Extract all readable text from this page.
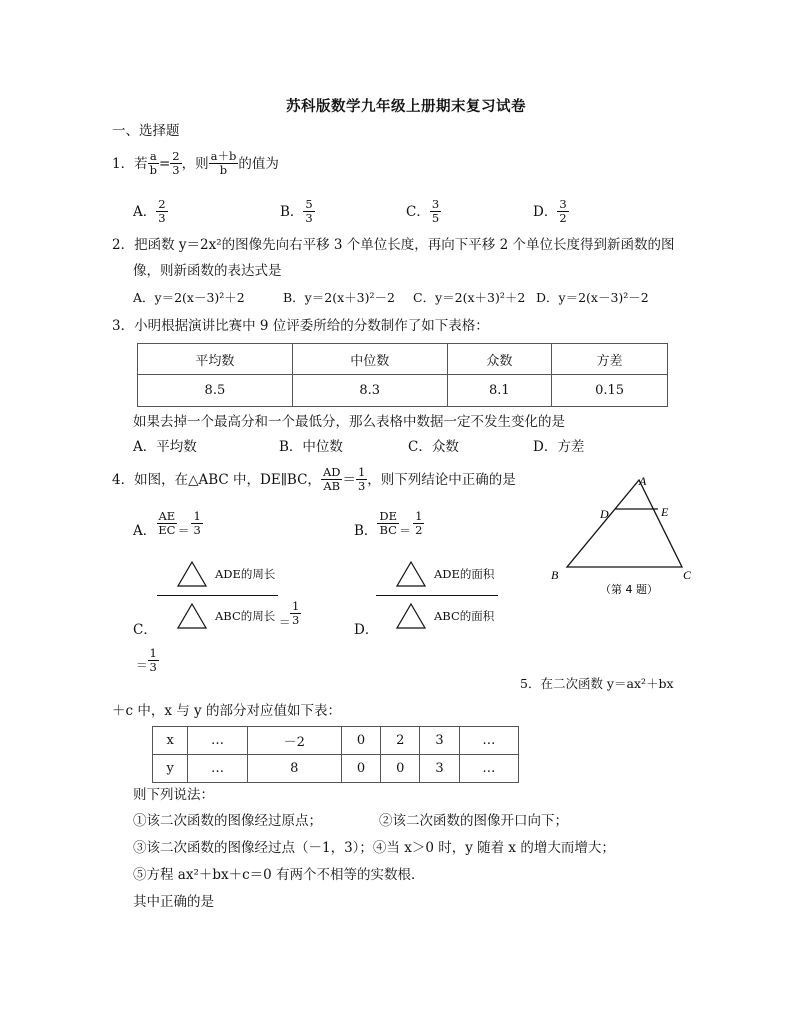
苏科版数学九年级上册期末复习试卷
一、选择题
1．若 $\frac{a}{b} = \frac{2}{3}$ ，则 $\frac{a+b}{b}$ 的值为
A． $\frac{2}{3}$	B． $\frac{5}{3}$	C． $\frac{3}{5}$	D． $\frac{3}{2}$
2．把函数 y＝2x²的图像先向右平移 3 个单位长度，再向下平移 2 个单位长度得到新函数的图
像，则新函数的表达式是
A．y＝2(x－3)²＋2	B．y＝2(x＋3)²－2 C．y＝2(x＋3)²＋2 D．y＝2(x－3)²－2
3．小明根据演讲比赛中 9 位评委所给的分数制作了如下表格：
平均数	中位数	众数	方差
8.5	8.3	8.1	0.15
如果去掉一个最高分和一个最低分，那么表格中数据一定不发生变化的是
A．平均数	B．中位数	C．众数	D．方差
4．如图，在△ABC 中，DE∥BC， $\frac{AD}{AB} = \frac{1}{3}$ ，则下列结论中正确的是
A． $\frac{AE}{EC} = \frac{1}{3}$	B． $\frac{DE}{BC} = \frac{1}{2}$
ADE的周长
ABC的周长 ＝ $\frac{1}{3}$
C．
ADE的面积
ABC的面积
D．
＝ $\frac{1}{3}$
A
D	E
B	C
（第 4 题）
5．在二次函数 y＝ax²＋bx
＋c 中，x 与 y 的部分对应值如下表：
x	…	－2	0	2	3	…
y	…	8	0	0	3	…
则下列说法：
①该二次函数的图像经过原点；	②该二次函数的图像开口向下；
③该二次函数的图像经过点（－1，3）；④当 x＞0 时，y 随着 x 的增大而增大；
⑤方程 ax²＋bx＋c＝0 有两个不相等的实数根．
其中正确的是
